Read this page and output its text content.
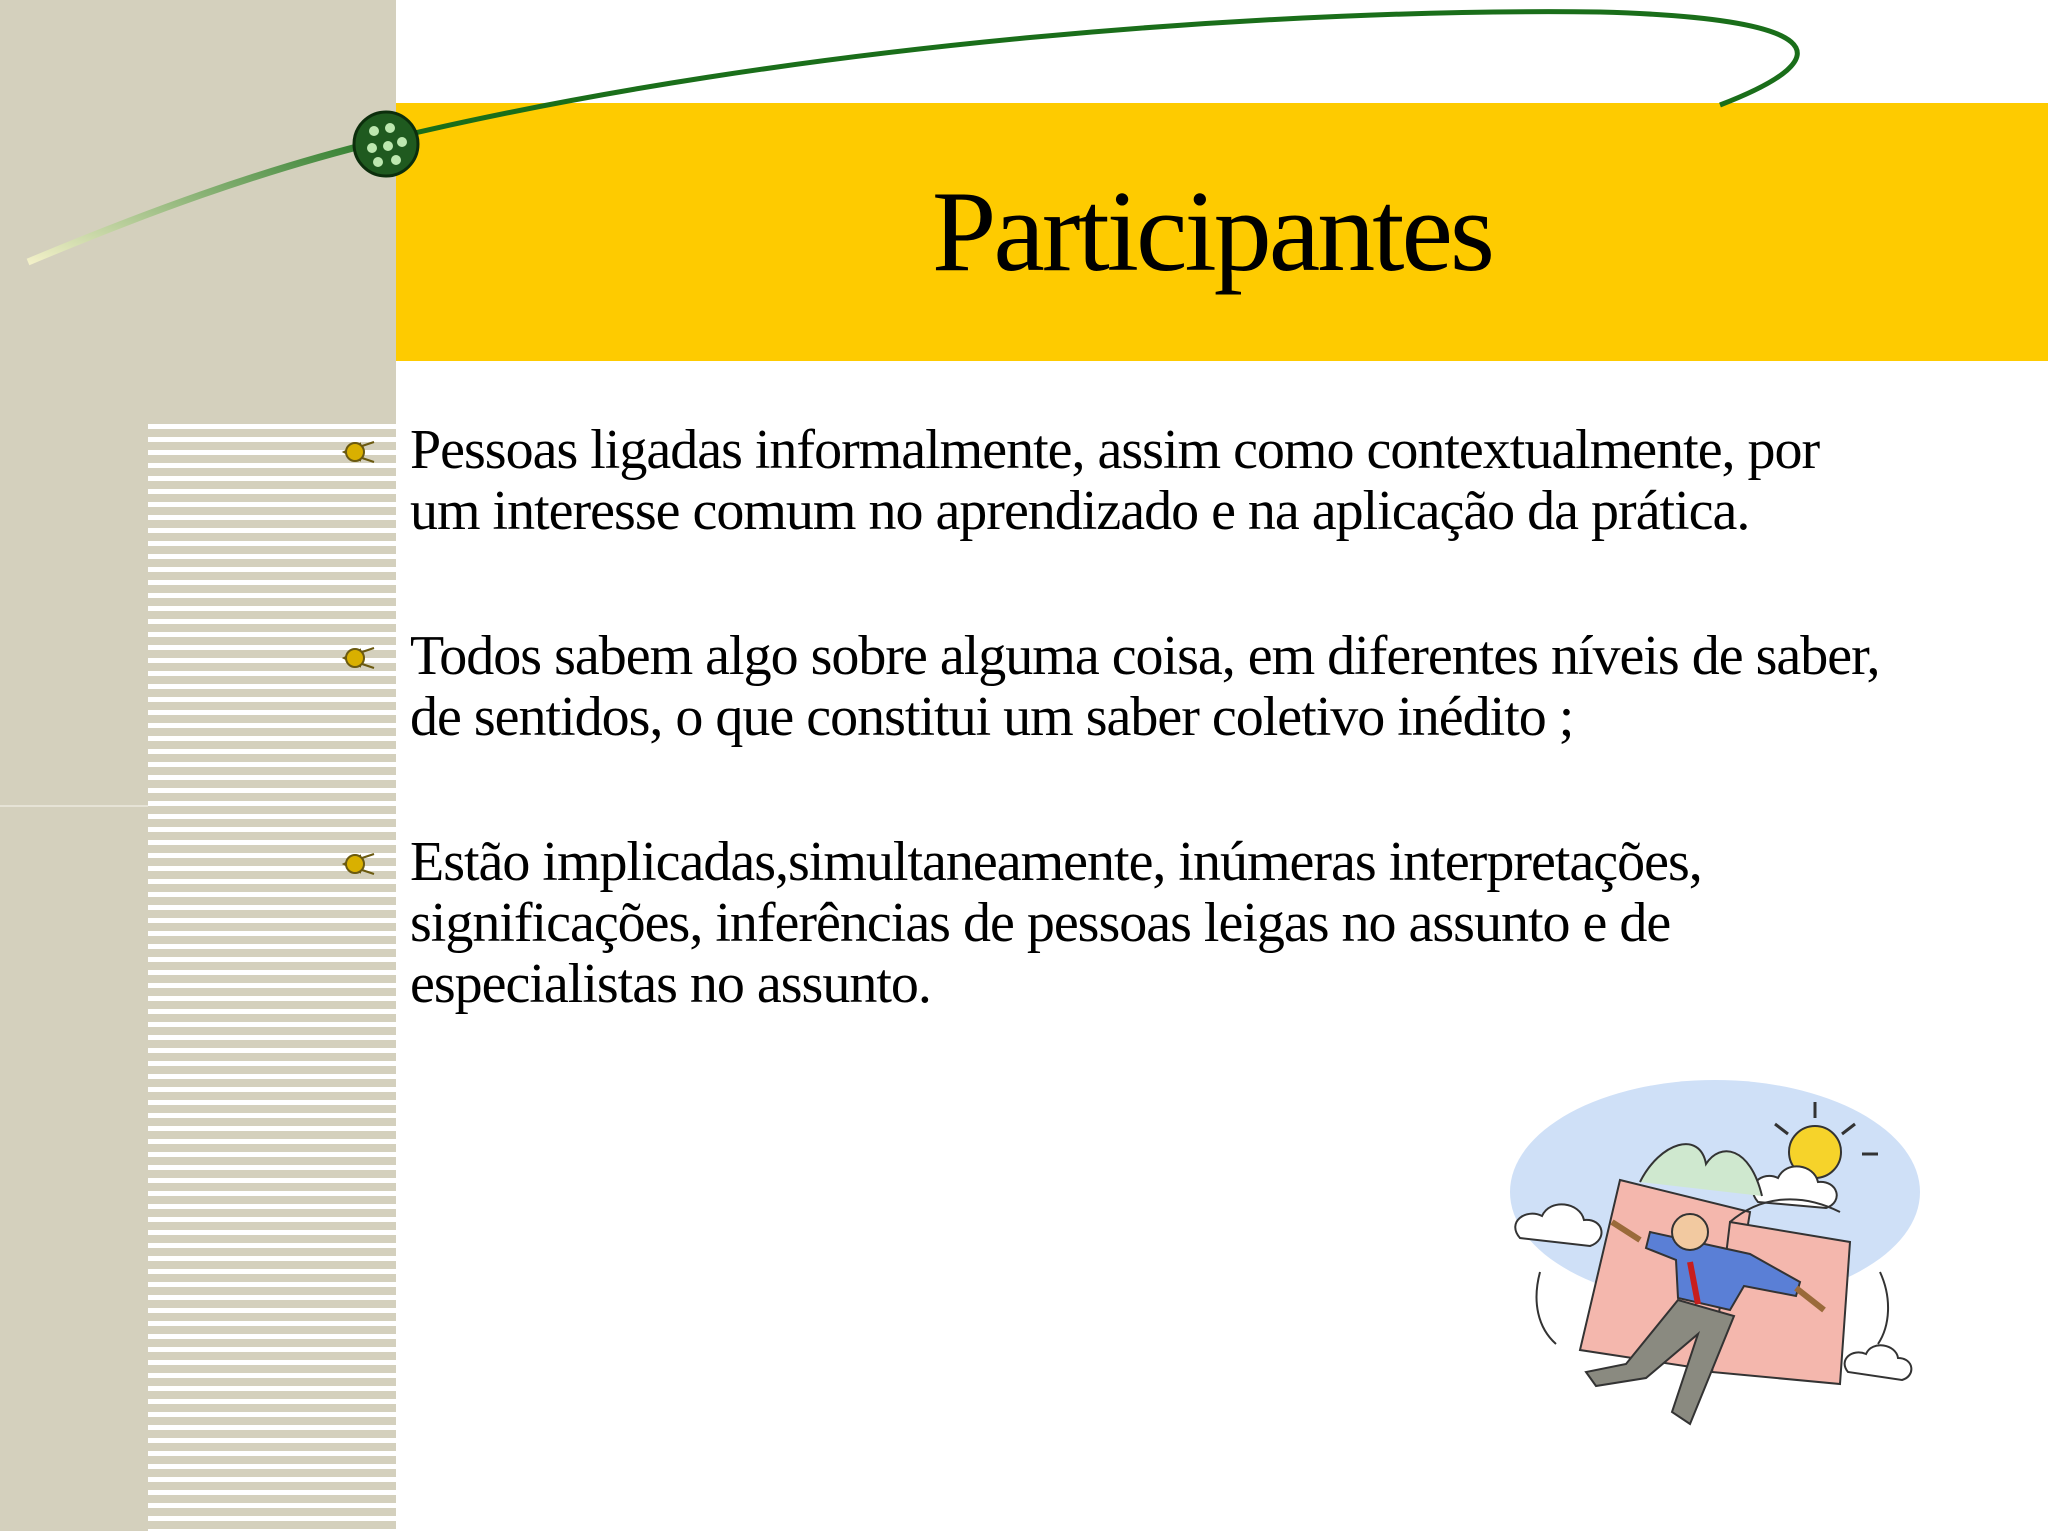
Participantes
Pessoas ligadas informalmente, assim como contextualmente, por um interesse comum no aprendizado e na aplicação da prática.
Todos sabem algo sobre alguma coisa, em diferentes níveis de saber, de sentidos, o que constitui um saber coletivo inédito ;
Estão implicadas,simultaneamente, inúmeras interpretações, significações, inferências de pessoas leigas no assunto e de especialistas no assunto.
